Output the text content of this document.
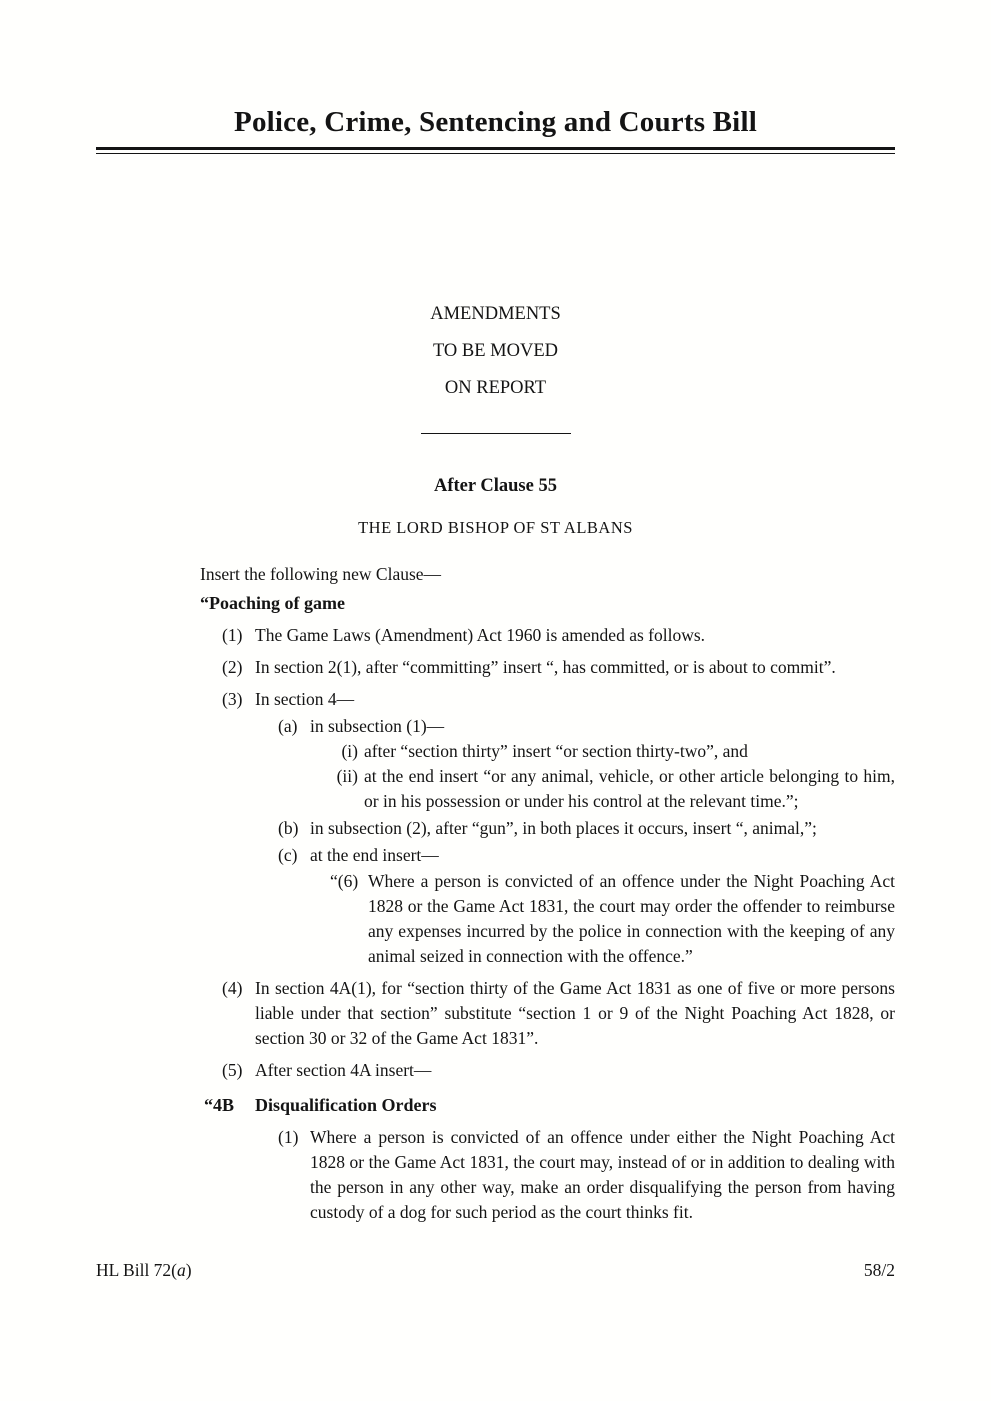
Police, Crime, Sentencing and Courts Bill
AMENDMENTS
TO BE MOVED
ON REPORT
After Clause 55
THE LORD BISHOP OF ST ALBANS
Insert the following new Clause—
“Poaching of game
(1) The Game Laws (Amendment) Act 1960 is amended as follows.
(2) In section 2(1), after “committing” insert “, has committed, or is about to commit”.
(3) In section 4—
(a) in subsection (1)—
(i) after “section thirty” insert “or section thirty-two”, and
(ii) at the end insert “or any animal, vehicle, or other article belonging to him, or in his possession or under his control at the relevant time.”;
(b) in subsection (2), after “gun”, in both places it occurs, insert “, animal,”;
(c) at the end insert—
“(6) Where a person is convicted of an offence under the Night Poaching Act 1828 or the Game Act 1831, the court may order the offender to reimburse any expenses incurred by the police in connection with the keeping of any animal seized in connection with the offence.”
(4) In section 4A(1), for “section thirty of the Game Act 1831 as one of five or more persons liable under that section” substitute “section 1 or 9 of the Night Poaching Act 1828, or section 30 or 32 of the Game Act 1831”.
(5) After section 4A insert—
“4B	Disqualification Orders
(1) Where a person is convicted of an offence under either the Night Poaching Act 1828 or the Game Act 1831, the court may, instead of or in addition to dealing with the person in any other way, make an order disqualifying the person from having custody of a dog for such period as the court thinks fit.
HL Bill 72(a)	58/2
